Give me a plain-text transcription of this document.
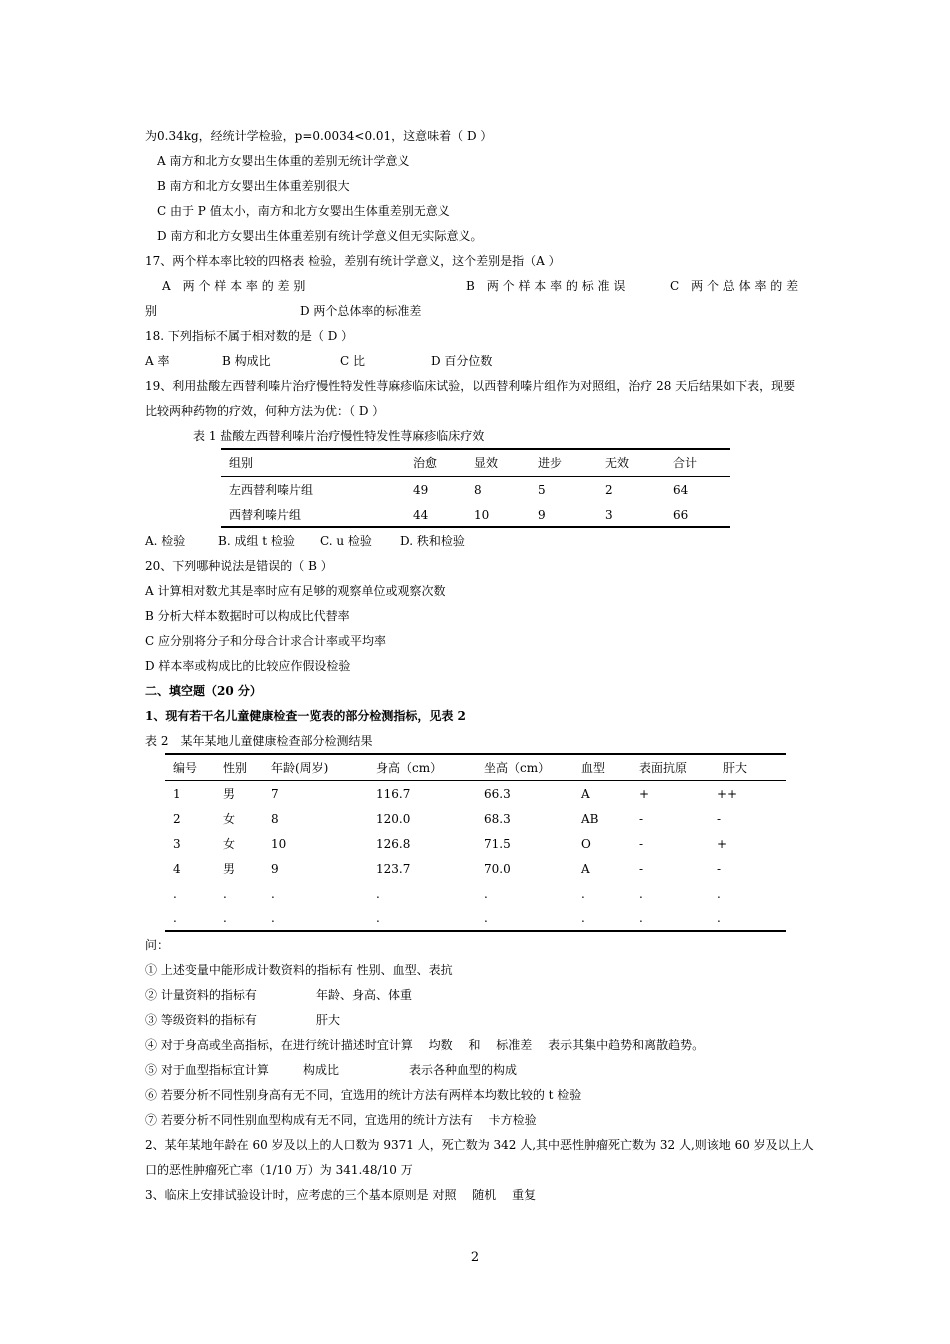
为0.34kg，经统计学检验，p=0.0034<0.01，这意味着（ D ）
A 南方和北方女婴出生体重的差别无统计学意义
B 南方和北方女婴出生体重差别很大
C 由于 P 值太小，南方和北方女婴出生体重差别无意义
D 南方和北方女婴出生体重差别有统计学意义但无实际意义。
17、两个样本率比较的四格表 检验，差别有统计学意义，这个差别是指（A ）
A　两 个 样 本 率 的 差 别	B　两 个 样 本 率 的 标 准 误	C　两 个 总 体 率 的 差
别	D 两个总体率的标准差
18. 下列指标不属于相对数的是（ D ）
A 率	B 构成比	C 比	D 百分位数
19、利用盐酸左西替利嗪片治疗慢性特发性荨麻疹临床试验，以西替利嗪片组作为对照组，治疗 28 天后结果如下表，现要
比较两种药物的疗效，何种方法为优：（ D ）
表 1 盐酸左西替利嗪片治疗慢性特发性荨麻疹临床疗效
组别	治愈	显效	进步	无效	合计
左西替利嗪片组	49	8	5	2	64
西替利嗪片组	44	10	9	3	66
A. 检验	B. 成组 t 检验 C. u 检验 D. 秩和检验
20、下列哪种说法是错误的（ B ）
A 计算相对数尤其是率时应有足够的观察单位或观察次数
B 分析大样本数据时可以构成比代替率
C 应分别将分子和分母合计求合计率或平均率
D 样本率或构成比的比较应作假设检验
二、填空题（20 分）
1、现有若干名儿童健康检查一览表的部分检测指标，见表 2
表 2　某年某地儿童健康检查部分检测结果
编号 性别 年龄(周岁)	身高（cm）	坐高（cm）	血型	表面抗原	肝大
1	男	7	116.7	66.3	A	+	++
2	女	8	120.0	68.3	AB	-	-
3	女	10	126.8	71.5	O	-	+
4	男	9	123.7	70.0	A	-	-
.	.	.	.	.	.	.	.
.	.	.	.	.	.	.	.
问：
① 上述变量中能形成计数资料的指标有 性别、血型、表抗
② 计量资料的指标有	年龄、身高、体重
③ 等级资料的指标有	肝大
④ 对于身高或坐高指标，在进行统计描述时宜计算　 均数　 和　 标准差　 表示其集中趋势和离散趋势。
⑤ 对于血型指标宜计算	构成比	表示各种血型的构成
⑥ 若要分析不同性别身高有无不同，宜选用的统计方法有两样本均数比较的 t 检验
⑦ 若要分析不同性别血型构成有无不同，宜选用的统计方法有　 卡方检验
2、某年某地年龄在 60 岁及以上的人口数为 9371 人，死亡数为 342 人,其中恶性肿瘤死亡数为 32 人,则该地 60 岁及以上人
口的恶性肿瘤死亡率（1/10 万）为 341.48/10 万
3、临床上安排试验设计时，应考虑的三个基本原则是 对照　 随机　 重复
2
